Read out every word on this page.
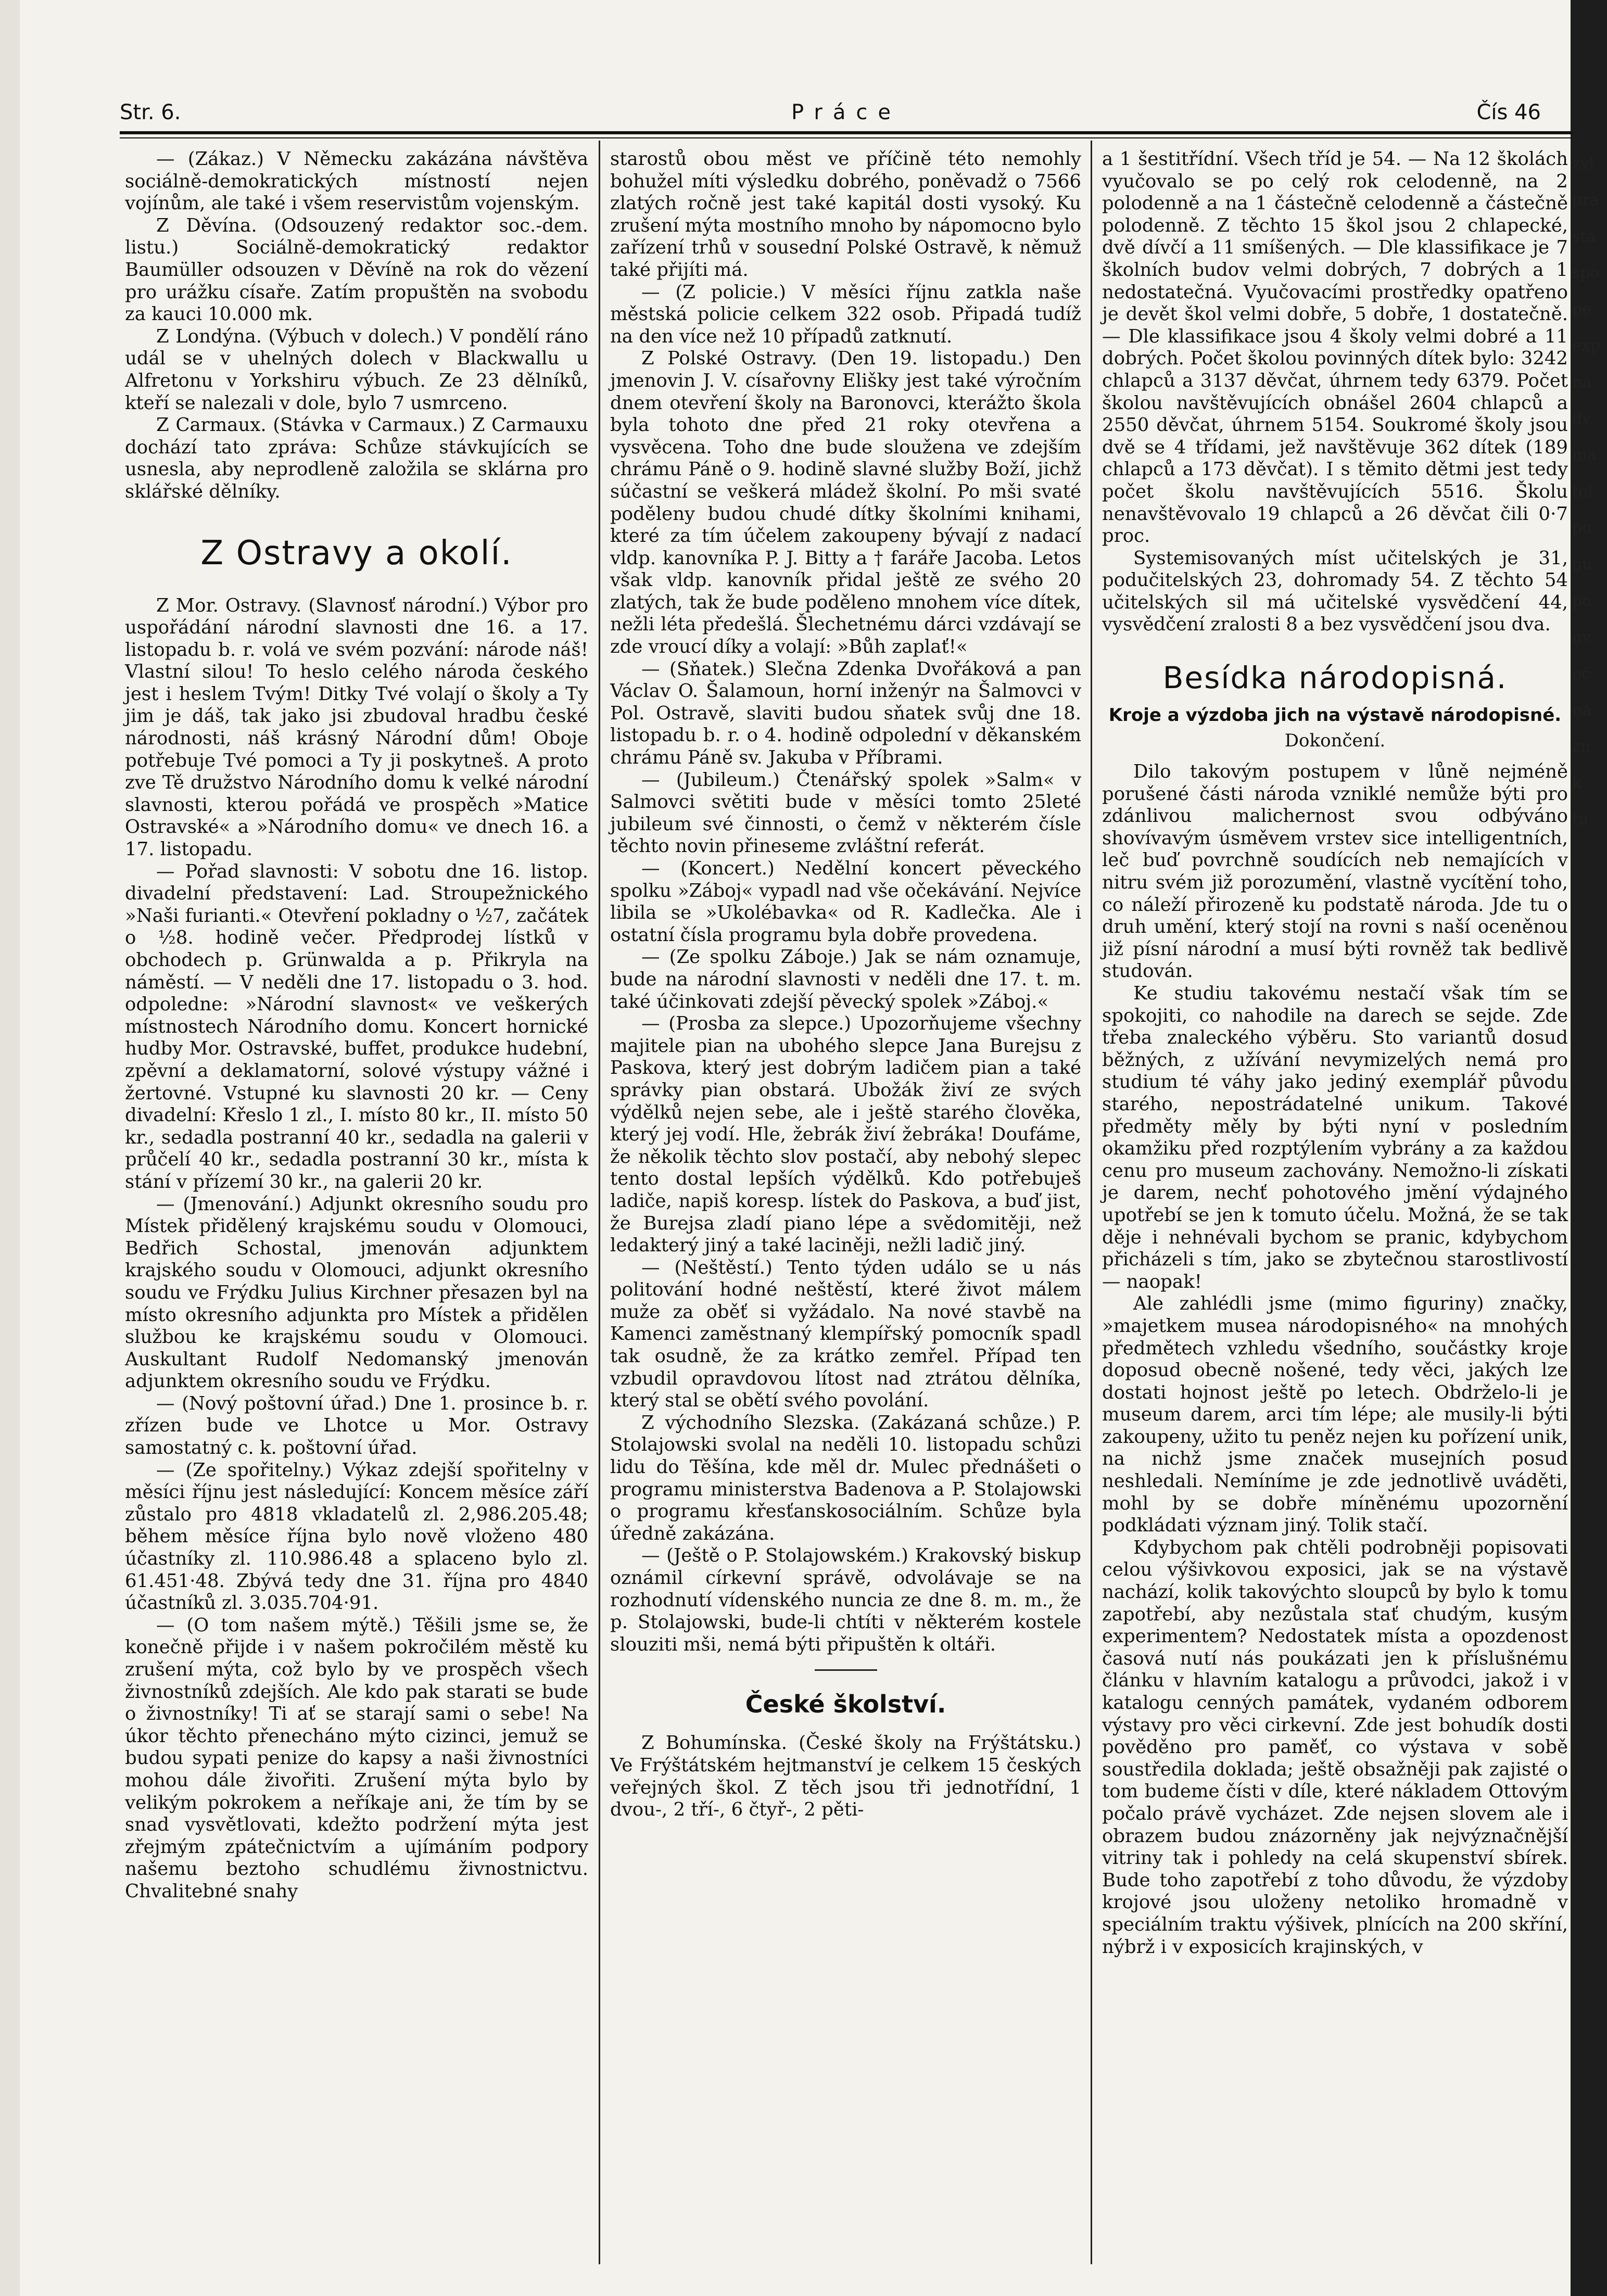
Str. 6.	Práce	Čís 46

— (Zákaz.) V Německu zakázána návštěva sociálně-demokratických místností nejen vojínům, ale také i všem reservistům vojenským.

Z Děvína. (Odsouzený redaktor soc.-dem. listu.) Sociálně-demokratický redaktor Baumüller odsouzen v Děvíně na rok do vězení pro urážku císaře. Zatím propuštěn na svobodu za kauci 10.000 mk.

Z Londýna. (Výbuch v dolech.) V pondělí ráno udál se v uhelných dolech v Blackwallu u Alfretonu v Yorkshiru výbuch. Ze 23 dělníků, kteří se nalezali v dole, bylo 7 usmrceno.

Z Carmaux. (Stávka v Carmaux.) Z Carmauxu dochází tato zpráva: Schůze stávkujících se usnesla, aby neprodleně založila se sklárna pro sklářské dělníky.

Z Ostravy a okolí.

Z Mor. Ostravy. (Slavnosť národní.) Výbor pro uspořádání národní slavnosti dne 16. a 17. listopadu b. r. volá ve svém pozvání: národe náš! Vlastní silou! To heslo celého národa českého jest i heslem Tvým! Ditky Tvé volají o školy a Ty jim je dáš, tak jako jsi zbudoval hradbu české národnosti, náš krásný Národní dům! Oboje potřebuje Tvé pomoci a Ty ji poskytneš. A proto zve Tě družstvo Národního domu k velké národní slavnosti, kterou pořádá ve prospěch »Matice Ostravské« a »Národního domu« ve dnech 16. a 17. listopadu.

— Pořad slavnosti: V sobotu dne 16. listop. divadelní představení: Lad. Stroupežnického »Naši furianti.« Otevření pokladny o ½7, začátek o ½8. hodině večer. Předprodej lístků v obchodech p. Grünwalda a p. Přikryla na náměstí. — V neděli dne 17. listopadu o 3. hod. odpoledne: »Národní slavnost« ve veškerých místnostech Národního domu. Koncert hornické hudby Mor. Ostravské, buffet, produkce hudební, zpěvní a deklamatorní, solové výstupy vážné i žertovné. Vstupné ku slavnosti 20 kr. — Ceny divadelní: Křeslo 1 zl., I. místo 80 kr., II. místo 50 kr., sedadla postranní 40 kr., sedadla na galerii v průčelí 40 kr., sedadla postranní 30 kr., místa k stání v přízemí 30 kr., na galerii 20 kr.

— (Jmenování.) Adjunkt okresního soudu pro Místek přidělený krajskému soudu v Olomouci, Bedřich Schostal, jmenován adjunktem krajského soudu v Olomouci, adjunkt okresního soudu ve Frýdku Julius Kirchner přesazen byl na místo okresního adjunkta pro Místek a přidělen službou ke krajskému soudu v Olomouci. Auskultant Rudolf Nedomanský jmenován adjunktem okresního soudu ve Frýdku.

— (Nový poštovní úřad.) Dne 1. prosince b. r. zřízen bude ve Lhotce u Mor. Ostravy samostatný c. k. poštovní úřad.

— (Ze spořitelny.) Výkaz zdejší spořitelny v měsíci říjnu jest následující: Koncem měsíce září zůstalo pro 4818 vkladatelů zl. 2,986.205.48; během měsíce října bylo nově vloženo 480 účastníky zl. 110.986.48 a splaceno bylo zl. 61.451·48. Zbývá tedy dne 31. října pro 4840 účastníků zl. 3.035.704·91.

— (O tom našem mýtě.) Těšili jsme se, že konečně přijde i v našem pokročilém městě ku zrušení mýta, což bylo by ve prospěch všech živnostníků zdejších. Ale kdo pak starati se bude o živnostníky! Ti ať se starají sami o sebe! Na úkor těchto přenecháno mýto cizinci, jemuž se budou sypati penize do kapsy a naši živnostníci mohou dále živořiti. Zrušení mýta bylo by velikým pokrokem a neříkaje ani, že tím by se snad vysvětlovati, kdežto podržení mýta jest zřejmým zpátečnictvím a ujímáním podpory našemu beztoho schudlému živnostnictvu. Chvalitebné snahy

starostů obou měst ve příčině této nemohly bohužel míti výsledku dobrého, poněvadž o 7566 zlatých ročně jest také kapitál dosti vysoký. Ku zrušení mýta mostního mnoho by nápomocno bylo zařízení trhů v sousední Polské Ostravě, k němuž také přijíti má.

— (Z policie.) V měsíci říjnu zatkla naše městská policie celkem 322 osob. Připadá tudíž na den více než 10 případů zatknutí.

Z Polské Ostravy. (Den 19. listopadu.) Den jmenovin J. V. císařovny Elišky jest také výročním dnem otevření školy na Baronovci, kterážto škola byla tohoto dne před 21 roky otevřena a vysvěcena. Toho dne bude sloužena ve zdejším chrámu Páně o 9. hodině slavné služby Boží, jichž súčastní se veškerá mládež školní. Po mši svaté poděleny budou chudé dítky školními knihami, které za tím účelem zakoupeny bývají z nadací vldp. kanovníka P. J. Bitty a † faráře Jacoba. Letos však vldp. kanovník přidal ještě ze svého 20 zlatých, tak že bude poděleno mnohem více dítek, nežli léta předešlá. Šlechetnému dárci vzdávají se zde vroucí díky a volají: »Bůh zaplať!«

— (Sňatek.) Slečna Zdenka Dvořáková a pan Václav O. Šalamoun, horní inženýr na Šalmovci v Pol. Ostravě, slaviti budou sňatek svůj dne 18. listopadu b. r. o 4. hodině odpolední v děkanském chrámu Páně sv. Jakuba v Příbrami.

— (Jubileum.) Čtenářský spolek »Salm« v Salmovci světiti bude v měsíci tomto 25leté jubileum své činnosti, o čemž v některém čísle těchto novin přineseme zvláštní referát.

— (Koncert.) Nedělní koncert pěveckého spolku »Záboj« vypadl nad vše očekávání. Nejvíce libila se »Ukolébavka« od R. Kadlečka. Ale i ostatní čísla programu byla dobře provedena.

— (Ze spolku Záboje.) Jak se nám oznamuje, bude na národní slavnosti v neděli dne 17. t. m. také účinkovati zdejší pěvecký spolek »Záboj.«

— (Prosba za slepce.) Upozorňujeme všechny majitele pian na ubohého slepce Jana Burejsu z Paskova, který jest dobrým ladičem pian a také správky pian obstará. Ubožák živí ze svých výdělků nejen sebe, ale i ještě starého člověka, který jej vodí. Hle, žebrák živí žebráka! Doufáme, že několik těchto slov postačí, aby nebohý slepec tento dostal lepších výdělků. Kdo potřebuješ ladiče, napiš koresp. lístek do Paskova, a buď jist, že Burejsa zladí piano lépe a svědomitěji, než ledakterý jiný a také laciněji, nežli ladič jiný.

— (Neštěstí.) Tento týden událo se u nás politování hodné neštěstí, které život málem muže za oběť si vyžádalo. Na nové stavbě na Kamenci zaměstnaný klempířský pomocník spadl tak osudně, že za krátko zemřel. Případ ten vzbudil opravdovou lítost nad ztrátou dělníka, který stal se obětí svého povolání.

Z východního Slezska. (Zakázaná schůze.) P. Stolajowski svolal na neděli 10. listopadu schůzi lidu do Těšína, kde měl dr. Mulec přednášeti o programu ministerstva Badenova a P. Stolajowski o programu křesťanskosociálním. Schůze byla úředně zakázána.

— (Ještě o P. Stolajowském.) Krakovský biskup oznámil církevní správě, odvolávaje se na rozhodnutí vídenského nuncia ze dne 8. m. m., že p. Stolajowski, bude-li chtíti v některém kostele slouziti mši, nemá býti připuštěn k oltáři.

České školství.

Z Bohumínska. (České školy na Frýštátsku.) Ve Frýštátském hejtmanství je celkem 15 českých veřejných škol. Z těch jsou tři jednotřídní, 1 dvou-, 2 tří-, 6 čtyř-, 2 pěti-

a 1 šestitřídní. Všech tříd je 54. — Na 12 školách vyučovalo se po celý rok celodenně, na 2 polodenně a na 1 částečně celodenně a částečně polodenně. Z těchto 15 škol jsou 2 chlapecké, dvě dívčí a 11 smíšených. — Dle klassifikace je 7 školních budov velmi dobrých, 7 dobrých a 1 nedostatečná. Vyučovacími prostředky opatřeno je devět škol velmi dobře, 5 dobře, 1 dostatečně. — Dle klassifikace jsou 4 školy velmi dobré a 11 dobrých. Počet školou povinných dítek bylo: 3242 chlapců a 3137 děvčat, úhrnem tedy 6379. Počet školou navštěvujících obnášel 2604 chlapců a 2550 děvčat, úhrnem 5154. Soukromé školy jsou dvě se 4 třídami, jež navštěvuje 362 dítek (189 chlapců a 173 děvčat). I s těmito dětmi jest tedy počet školu navštěvujících 5516. Školu nenavštěvovalo 19 chlapců a 26 děvčat čili 0·7 proc.

Systemisovaných míst učitelských je 31, podučitelských 23, dohromady 54. Z těchto 54 učitelských sil má učitelské vysvědčení 44, vysvědčení zralosti 8 a bez vysvědčení jsou dva.

Besídka národopisná.
Kroje a výzdoba jich na výstavě národopisné.
Dokončení.

Dilo takovým postupem v lůně nejméně porušené části národa vzniklé nemůže býti pro zdánlivou malichernost svou odbýváno shovívavým úsměvem vrstev sice intelligentních, leč buď povrchně soudících neb nemajících v nitru svém již porozumění, vlastně vycítění toho, co náleží přirozeně ku podstatě národa. Jde tu o druh umění, který stojí na rovni s naší oceněnou již písní národní a musí býti rovněž tak bedlivě studován.

Ke studiu takovému nestačí však tím se spokojiti, co nahodile na darech se sejde. Zde třeba znaleckého výběru. Sto variantů dosud běžných, z užívání nevymizelých nemá pro studium té váhy jako jediný exemplář původu starého, nepostrádatelné unikum. Takové předměty měly by býti nyní v posledním okamžiku před rozptýlením vybrány a za každou cenu pro museum zachovány. Nemožno-li získati je darem, nechť pohotového jmění výdajného upotřebí se jen k tomuto účelu. Možná, že se tak děje i nehnévali bychom se pranic, kdybychom přicházeli s tím, jako se zbytečnou starostlivostí — naopak!

Ale zahlédli jsme (mimo figuriny) značky, »majetkem musea národopisného« na mnohých předmětech vzhledu všedního, součástky kroje doposud obecně nošené, tedy věci, jakých lze dostati hojnost ještě po letech. Obdrželo-li je museum darem, arci tím lépe; ale musily-li býti zakoupeny, užito tu peněz nejen ku pořízení unik, na nichž jsme značek musejních posud neshledali. Nemíníme je zde jednotlivě uváděti, mohl by se dobře míněnému upozornění podkládati význam jiný. Tolik stačí.

Kdybychom pak chtěli podrobněji popisovati celou výšivkovou exposici, jak se na výstavě nachází, kolik takovýchto sloupců by bylo k tomu zapotřebí, aby nezůstala stať chudým, kusým experimentem? Nedostatek místa a opozdenost časová nutí nás poukázati jen k příslušnému článku v hlavním katalogu a průvodci, jakož i v katalogu cenných památek, vydaném odborem výstavy pro věci cirkevní. Zde jest bohudík dosti pověděno pro paměť, co výstava v sobě soustředila doklada; ještě obsažněji pak zajisté o tom budeme čísti v díle, které nákladem Ottovým počalo právě vycházet. Zde nejsen slovem ale i obrazem budou znázorněny jak nejvýznačnější vitriny tak i pohledy na celá skupenství sbírek. Bude toho zapotřebí z toho důvodu, že výzdoby krojové jsou uloženy netoliko hromadně v speciálním traktu výšivek, plnících na 200 skříní, nýbrž i v exposicích krajinských, v

zvl
pra
sta
spo
pé
exp
na
dv
ma
tol
po
gu
po
uv
oč
ná
zn
k
tu
